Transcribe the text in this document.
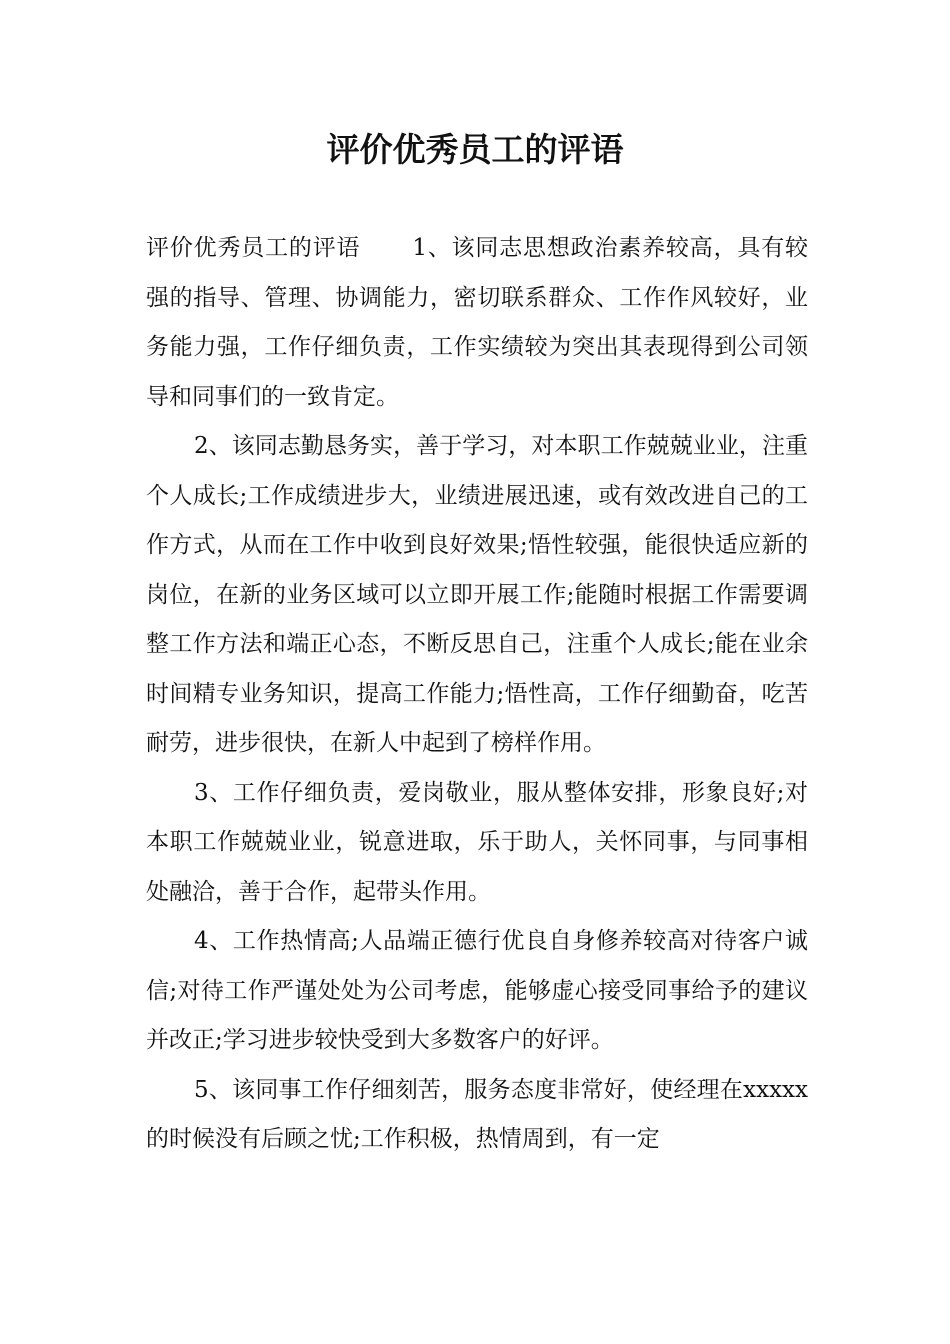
评价优秀员工的评语

评价优秀员工的评语 1、该同志思想政治素养较高，具有较强的指导、管理、协调能力，密切联系群众、工作作风较好，业务能力强，工作仔细负责，工作实绩较为突出其表现得到公司领导和同事们的一致肯定。

2、该同志勤恳务实，善于学习，对本职工作兢兢业业，注重个人成长;工作成绩进步大，业绩进展迅速，或有效改进自己的工作方式，从而在工作中收到良好效果;悟性较强，能很快适应新的岗位，在新的业务区域可以立即开展工作;能随时根据工作需要调整工作方法和端正心态，不断反思自己，注重个人成长;能在业余时间精专业务知识，提高工作能力;悟性高，工作仔细勤奋，吃苦耐劳，进步很快，在新人中起到了榜样作用。

3、工作仔细负责，爱岗敬业，服从整体安排，形象良好;对本职工作兢兢业业，锐意进取，乐于助人，关怀同事，与同事相处融洽，善于合作，起带头作用。

4、工作热情高;人品端正德行优良自身修养较高对待客户诚信;对待工作严谨处处为公司考虑，能够虚心接受同事给予的建议并改正;学习进步较快受到大多数客户的好评。

5、该同事工作仔细刻苦，服务态度非常好，使经理在xxxxx的时候没有后顾之忧;工作积极，热情周到，有一定
